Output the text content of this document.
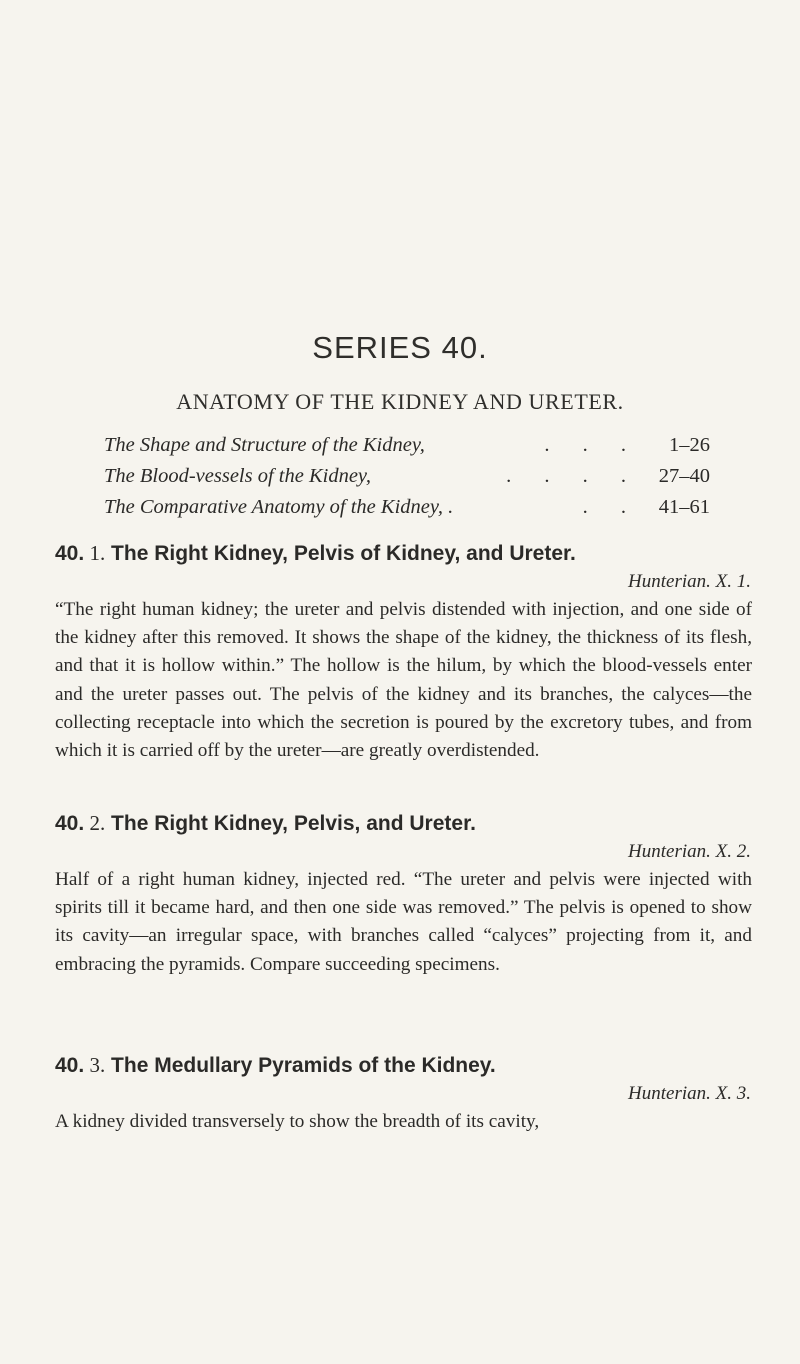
SERIES 40.
ANATOMY OF THE KIDNEY AND URETER.
The Shape and Structure of the Kidney,	. . .	1–26
The Blood-vessels of the Kidney,	. . . . 27–40
The Comparative Anatomy of the Kidney, .	. . 41–61
40. 1. The Right Kidney, Pelvis of Kidney, and Ureter.
Hunterian. X. 1.

“The right human kidney; the ureter and pelvis distended with injection, and one side of the kidney after this removed. It shows the shape of the kidney, the thickness of its flesh, and that it is hollow within.” The hollow is the hilum, by which the blood-vessels enter and the ureter passes out. The pelvis of the kidney and its branches, the calyces—the collecting receptacle into which the secretion is poured by the excretory tubes, and from which it is carried off by the ureter—are greatly overdistended.

40. 2. The Right Kidney, Pelvis, and Ureter.
Hunterian. X. 2.

Half of a right human kidney, injected red. “The ureter and pelvis were injected with spirits till it became hard, and then one side was removed.” The pelvis is opened to show its cavity—an irregular space, with branches called “calyces” projecting from it, and embracing the pyramids. Compare succeeding specimens.

40. 3. The Medullary Pyramids of the Kidney.
Hunterian. X. 3.

A kidney divided transversely to show the breadth of its cavity,
